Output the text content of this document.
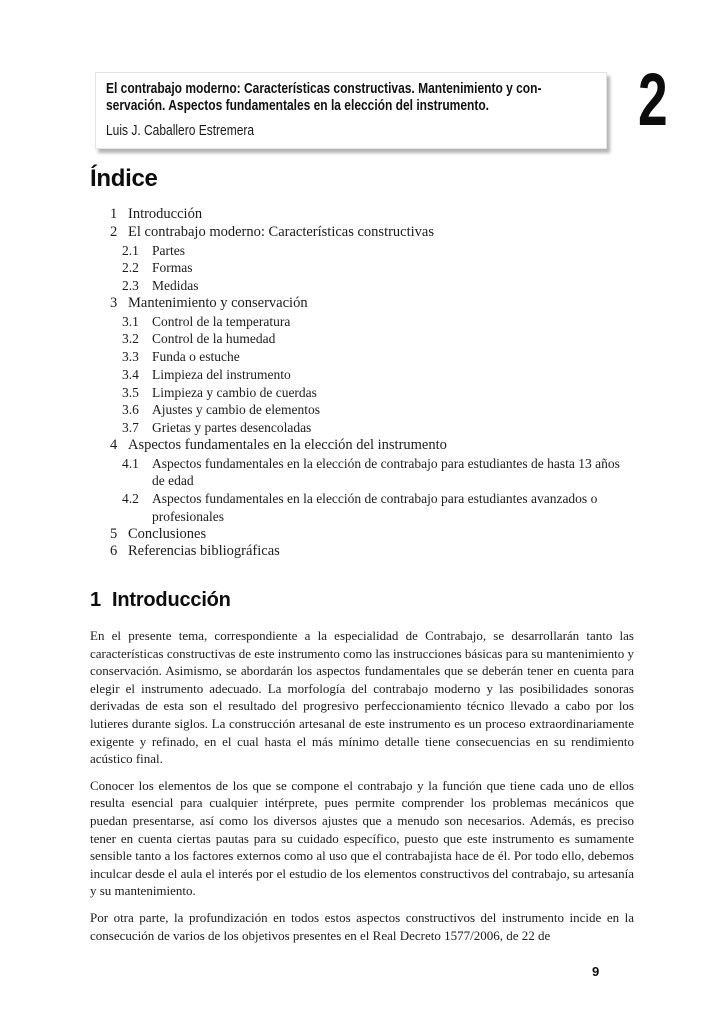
El contrabajo moderno: Características constructivas. Mantenimiento y con-
servación. Aspectos fundamentales en la elección del instrumento.
Luis J. Caballero Estremera	2
Índice
1 Introducción
2 El contrabajo moderno: Características constructivas
2.1 Partes
2.2 Formas
2.3 Medidas
3 Mantenimiento y conservación
3.1 Control de la temperatura
3.2 Control de la humedad
3.3 Funda o estuche
3.4 Limpieza del instrumento
3.5 Limpieza y cambio de cuerdas
3.6 Ajustes y cambio de elementos
3.7 Grietas y partes desencoladas
4 Aspectos fundamentales en la elección del instrumento
4.1 Aspectos fundamentales en la elección de contrabajo para estudiantes de hasta 13 años de edad
4.2 Aspectos fundamentales en la elección de contrabajo para estudiantes avanzados o profesionales
5 Conclusiones
6 Referencias bibliográficas
1 Introducción

En el presente tema, correspondiente a la especialidad de Contrabajo, se desarrollarán tanto las características constructivas de este instrumento como las instrucciones básicas para su mantenimiento y conservación. Asimismo, se abordarán los aspectos fundamentales que se deberán tener en cuenta para elegir el instrumento adecuado. La morfología del contrabajo moderno y las posibilidades sonoras derivadas de esta son el resultado del progresivo perfeccionamiento técnico llevado a cabo por los lutieres durante siglos. La construcción artesanal de este instrumento es un proceso extraordinariamente exigente y refinado, en el cual hasta el más mínimo detalle tiene consecuencias en su rendimiento acústico final.

Conocer los elementos de los que se compone el contrabajo y la función que tiene cada uno de ellos resulta esencial para cualquier intérprete, pues permite comprender los problemas mecánicos que puedan presentarse, así como los diversos ajustes que a menudo son necesarios. Además, es preciso tener en cuenta ciertas pautas para su cuidado específico, puesto que este instrumento es sumamente sensible tanto a los factores externos como al uso que el contrabajista hace de él. Por todo ello, debemos inculcar desde el aula el interés por el estudio de los elementos constructivos del contrabajo, su artesanía y su mantenimiento.

Por otra parte, la profundización en todos estos aspectos constructivos del instrumento incide en la consecución de varios de los objetivos presentes en el Real Decreto 1577/2006, de 22 de

9
